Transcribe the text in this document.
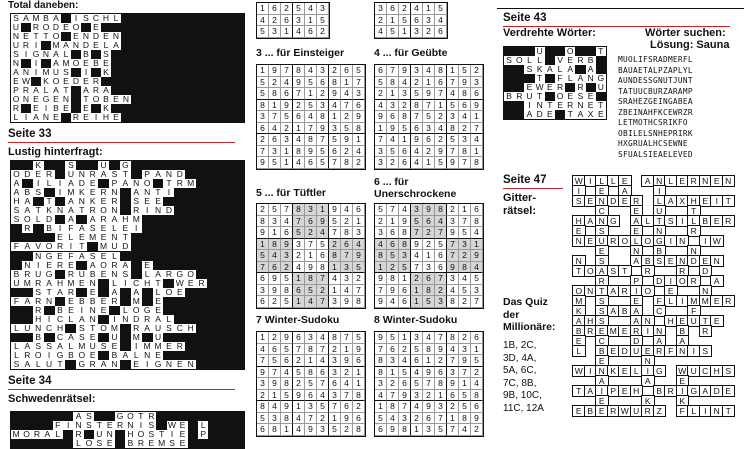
Total daneben:
S A M B A	I S C H L
U R O D E O E
N E T T O E N D E N
U R I	M A N D E L A
S I G N A L	B S
N	I	A M O E B E
A N I M U S	I	K
E W K O E D E R
P R A L A T A R A
O N E G E N T O B E N
R E I B E E K
L I A N E R E I H E
Seite 33
Lustig hinterfragt:
K	S	U G
O D E R U N R A S T	P A N D
A	I L I A D E	P A N O	T R M
A B S	I M K E R N	A N T I
H A	T	A N K E R	S E E
S A T K N A T R O N R I N D
S O L D	A	A R A H M
R	B I F A S E L E I
E L E M E N T
F A V O R I T	M U D
N G E F A S E L
N I E R E	A O R A	E
B R U G R U B E N S	L A R G O
U M R A H M E N	L I C H T	W E R
S T A R	E	A	A	L O E
F A R N	E B B E R M	E
R	B E I N E	L O G E
H I C L A N	I N D R A L
L U N C H	S T O M R A U S C H
B	C A S E	U M U
L A S S A L M U S E	I M M E R
L R O I G B O E	B A L N E
S A L U T	G R A N	E I G N E N
Seite 34
Schwedenrätsel:
A S	G O T R
F I N S T E R N I S W E	L
M O R A L	R U N H O S T I E P
L O S E B R E M S E
1 6 2 5 4 3
4 2 6 3 1 5
5 3 1 4 6 2
3 6 2 4 1 5
2 1 5 6 3 4
4 5 1 3 2 6
3 ... für Einsteiger	4 ... für Geübte
1 9 7 8 4 3 2 6 5
5 2 4 9 5 6 8 1 7
5 8 6 7 1 2 9 4 3
8 1 9 2 5 3 4 7 6
3 7 5 6 4 8 1 2 9
6 4 2 1 7 9 3 5 8
2 6 3 4 8 7 5 9 1
7 3 1 8 9 5 6 2 4
9 5 1 4 6 5 7 8 2
6 7 9 3 4 8 1 5 2
5 8 4 2 1 6 7 9 3
2 1 3 5 9 7 4 8 6
4 3 2 8 7 1 5 6 9
9 6 8 7 5 2 3 4 1
1 9 5 6 3 4 8 2 7
7 4 1 9 6 2 5 3 4
3 5 6 4 2 9 7 8 1
3 2 6 4 1 5 9 7 8
5 ... für Tüftler
6 ... für
Unerschrockene
2 5 7 8 3 1 9 4 6
8 3 4 7 6 9 5 2 1
9 1 6 5 2 4 7 8 3
1 8 9 3 7 5 2 6 4
5 4 3 2 1 6 8 7 9
7 6 2 4 9 8 1 3 5
6 9 5 1 8 7 4 3 2
3 9 8 6 5 2 1 4 7
6 2 5 1 4 7 3 9 8
5 7 4 3 9 8 2 1 6
2 1 9 5 6 4 3 7 8
3 6 8 7 2 7 9 5 4
4 6 8 9 2 5 7 3 1
8 5 3 4 1 6 7 2 9
1 2 5 7 3 6 9 8 4
9 8 1 2 6 7 3 4 5
7 9 6 1 8 2 4 5 3
9 4 6 1 5 3 8 2 7
7 Winter-Sudoku	8 Winter-Sudoku
1 2 9 6 3 4 8 7 5
4 6 5 7 8 7 2 1 9
7 5 6 2 1 4 3 9 6
9 7 4 5 8 6 3 2 1
3 9 8 2 5 7 6 4 1
2 1 5 9 6 4 3 7 8
8 4 9 1 3 5 7 6 2
5 3 8 4 7 2 1 9 6
6 8 1 4 9 3 5 2 8
9 5 1 3 4 7 8 2 6
7 6 2 5 8 9 4 3 1
8 3 4 6 1 2 7 9 5
8 1 5 4 9 6 3 7 2
3 2 6 5 7 8 9 1 4
4 7 9 3 2 1 6 5 8
1 8 7 4 9 3 2 5 6
5 4 3 2 6 7 1 8 9
6 9 8 1 3 5 7 4 2
Seite 43
Verdrehte Wörter:	Wörter suchen:
Lösung: Sauna
U	O	T
S O L L	V E R B
S K A L A A
T F L A N G
E W E R R U
B R U T O E S E
I N T E R N E T
A D E T A X E
MUOLIFSRADMERFL
BAUAETALPZAPLYL
AUNDESSGNUTJUNT
TATUUCBURZARAMP
SRAHEZGEINGABEA
ZBEINAHFKCEWRZR
LETMOTHCSRIKFO
OBILELSNHEPRIRK
HXGRUALHCSEWNE
SFUALSIEAELEVED
Seite 47
Gitter-
rätsel:
Das Quiz
der
Millionäre:
1B, 2C,
3D, 4A,
5A, 6C,
7C, 8B,
9B, 10C,
11C, 12A
W I L L E	A N L E R N E N
I	E	A	I
S E N D E R	L A X H E I T
C	E	U	T
H A N G	A L T S I L B E R
E	S	E	N	R
N E U R O L O G I N	I W
E	N	B	N
N	S	A B S E N D E N
T O A S T	R	R	D
R	P	D I O R	A
O N T A R I O	E	N
M	S	E	F L I M M E R
K	S A B A	C	F
A H S	A N	H E U T E
B R E M E R I N	B	R
E	C	D	A	A
L	B E D U E R F N I S
E	N
W I N K E L I G W U C H S
A	A	E
T A I P E H	B R I G A D E
E	K	K
E B E R W U R Z	F L I N T
